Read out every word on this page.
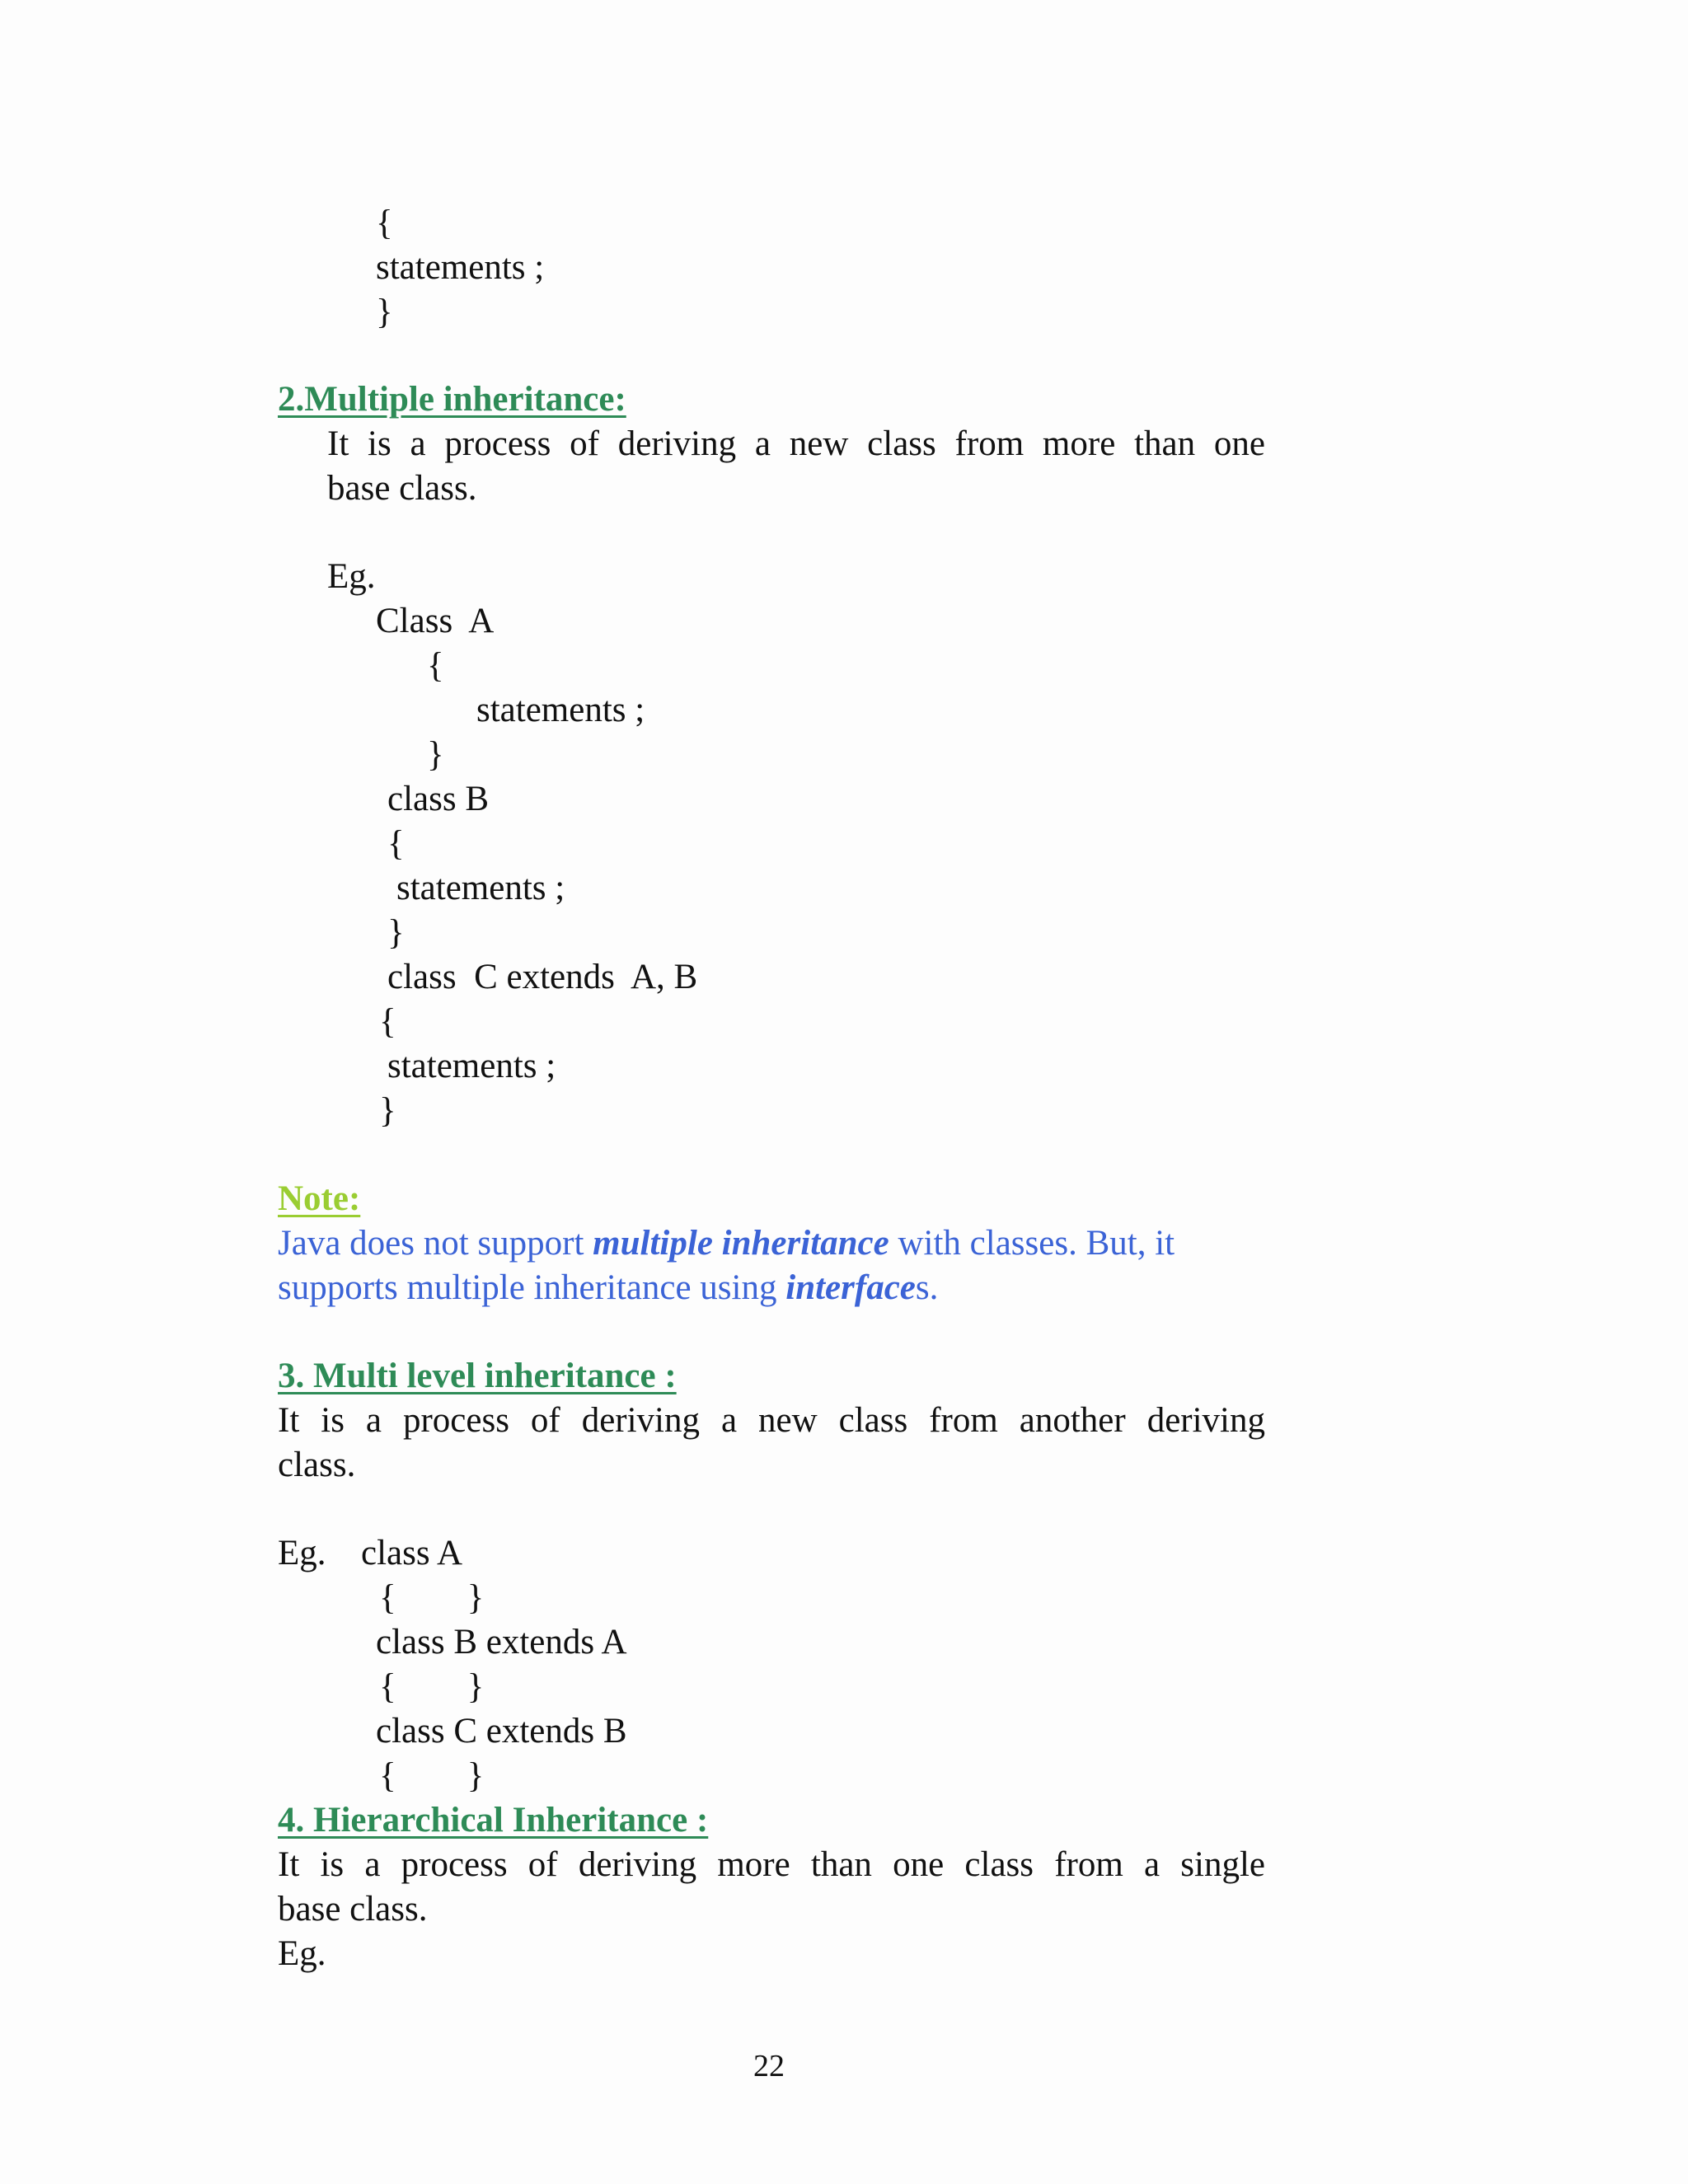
{
statements ;
}
2.Multiple inheritance:
It is a process of deriving a new class from more than one
base class.
Eg.
Class  A
{
statements ;
}
class B
{
statements ;
}
class  C extends  A, B
{
statements ;
}
Note:
Java does not support multiple inheritance with classes. But, it
supports multiple inheritance using interfaces.
3. Multi level inheritance :
It is a process of deriving a new class from another deriving
class.
Eg. class A
{        }
class B extends A
{        }
class C extends B
{        }
4. Hierarchical Inheritance :
It is a process of deriving more than one class from a single
base class.
Eg.
22
